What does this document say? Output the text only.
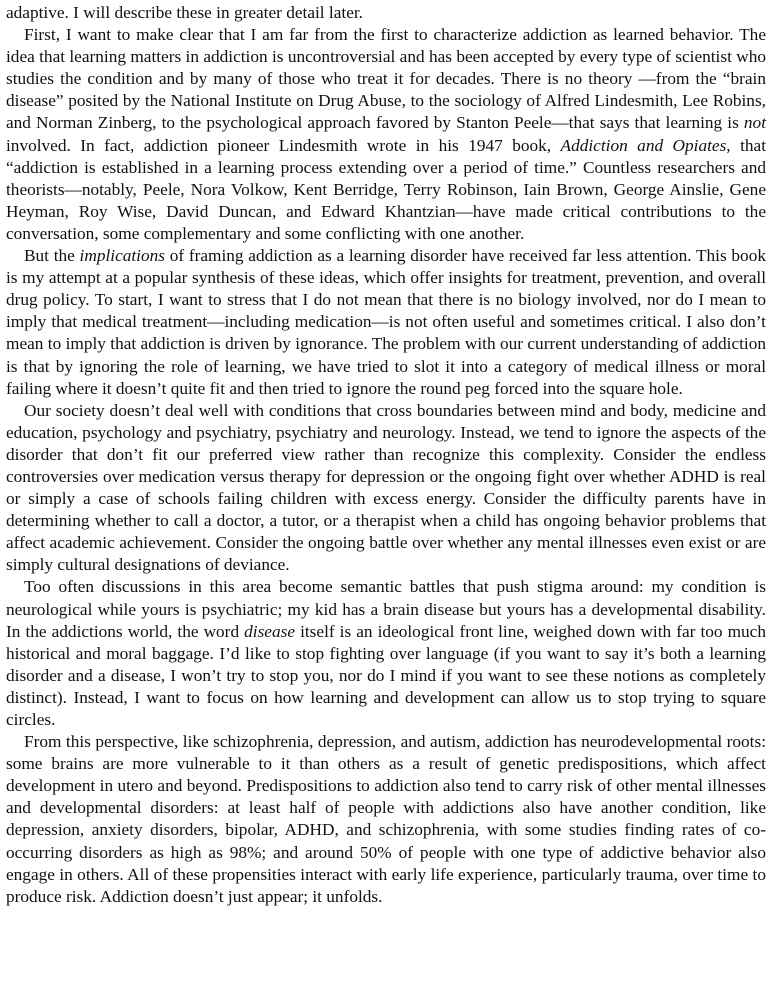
adaptive. I will describe these in greater detail later.

First, I want to make clear that I am far from the first to characterize addiction as learned behavior. The idea that learning matters in addiction is uncontroversial and has been accepted by every type of scientist who studies the condition and by many of those who treat it for decades. There is no theory —from the “brain disease” posited by the National Institute on Drug Abuse, to the sociology of Alfred Lindesmith, Lee Robins, and Norman Zinberg, to the psychological approach favored by Stanton Peele—that says that learning is not involved. In fact, addiction pioneer Lindesmith wrote in his 1947 book, Addiction and Opiates, that “addiction is established in a learning process extending over a period of time.” Countless researchers and theorists—notably, Peele, Nora Volkow, Kent Berridge, Terry Robinson, Iain Brown, George Ainslie, Gene Heyman, Roy Wise, David Duncan, and Edward Khantzian—have made critical contributions to the conversation, some complementary and some conflicting with one another.

But the implications of framing addiction as a learning disorder have received far less attention. This book is my attempt at a popular synthesis of these ideas, which offer insights for treatment, prevention, and overall drug policy. To start, I want to stress that I do not mean that there is no biology involved, nor do I mean to imply that medical treatment—including medication—is not often useful and sometimes critical. I also don’t mean to imply that addiction is driven by ignorance. The problem with our current understanding of addiction is that by ignoring the role of learning, we have tried to slot it into a category of medical illness or moral failing where it doesn’t quite fit and then tried to ignore the round peg forced into the square hole.

Our society doesn’t deal well with conditions that cross boundaries between mind and body, medicine and education, psychology and psychiatry, psychiatry and neurology. Instead, we tend to ignore the aspects of the disorder that don’t fit our preferred view rather than recognize this complexity. Consider the endless controversies over medication versus therapy for depression or the ongoing fight over whether ADHD is real or simply a case of schools failing children with excess energy. Consider the difficulty parents have in determining whether to call a doctor, a tutor, or a therapist when a child has ongoing behavior problems that affect academic achievement. Consider the ongoing battle over whether any mental illnesses even exist or are simply cultural designations of deviance.

Too often discussions in this area become semantic battles that push stigma around: my condition is neurological while yours is psychiatric; my kid has a brain disease but yours has a developmental disability. In the addictions world, the word disease itself is an ideological front line, weighed down with far too much historical and moral baggage. I’d like to stop fighting over language (if you want to say it’s both a learning disorder and a disease, I won’t try to stop you, nor do I mind if you want to see these notions as completely distinct). Instead, I want to focus on how learning and development can allow us to stop trying to square circles.

From this perspective, like schizophrenia, depression, and autism, addiction has neurodevelopmental roots: some brains are more vulnerable to it than others as a result of genetic predispositions, which affect development in utero and beyond. Predispositions to addiction also tend to carry risk of other mental illnesses and developmental disorders: at least half of people with addictions also have another condition, like depression, anxiety disorders, bipolar, ADHD, and schizophrenia, with some studies finding rates of co-occurring disorders as high as 98%; and around 50% of people with one type of addictive behavior also engage in others. All of these propensities interact with early life experience, particularly trauma, over time to produce risk. Addiction doesn’t just appear; it unfolds.
